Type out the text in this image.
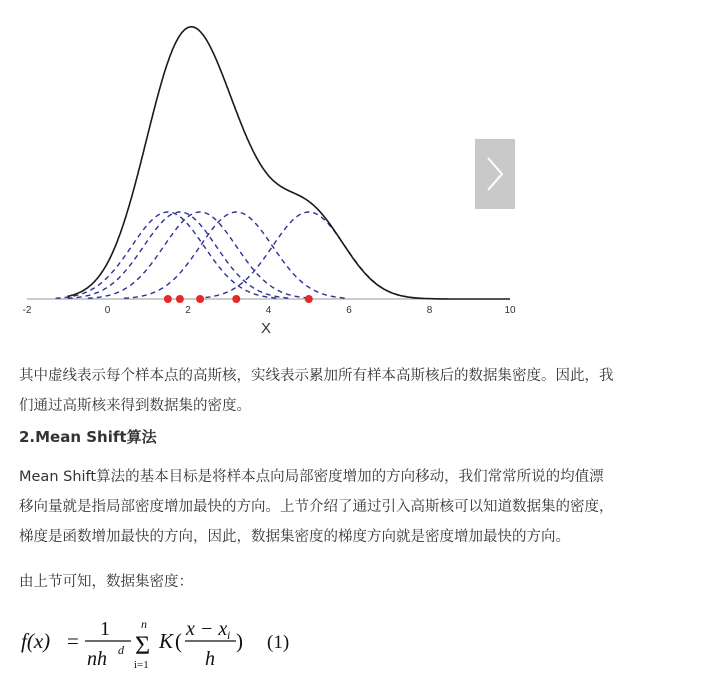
-2	0	2	4	6	8	10
X

其中虚线表示每个样本点的高斯核，实线表示累加所有样本高斯核后的数据集密度。因此，我
们通过高斯核来得到数据集的密度。

2.Mean Shift算法

Mean Shift算法的基本目标是将样本点向局部密度增加的方向移动，我们常常所说的均值漂
移向量就是指局部密度增加最快的方向。上节介绍了通过引入高斯核可以知道数据集的密度，
梯度是函数增加最快的方向，因此，数据集密度的梯度方向就是密度增加最快的方向。

由上节可知，数据集密度：

f(x) = 1
nh d
n
Σ
i=1
K ( x − x i
h
) (1)
